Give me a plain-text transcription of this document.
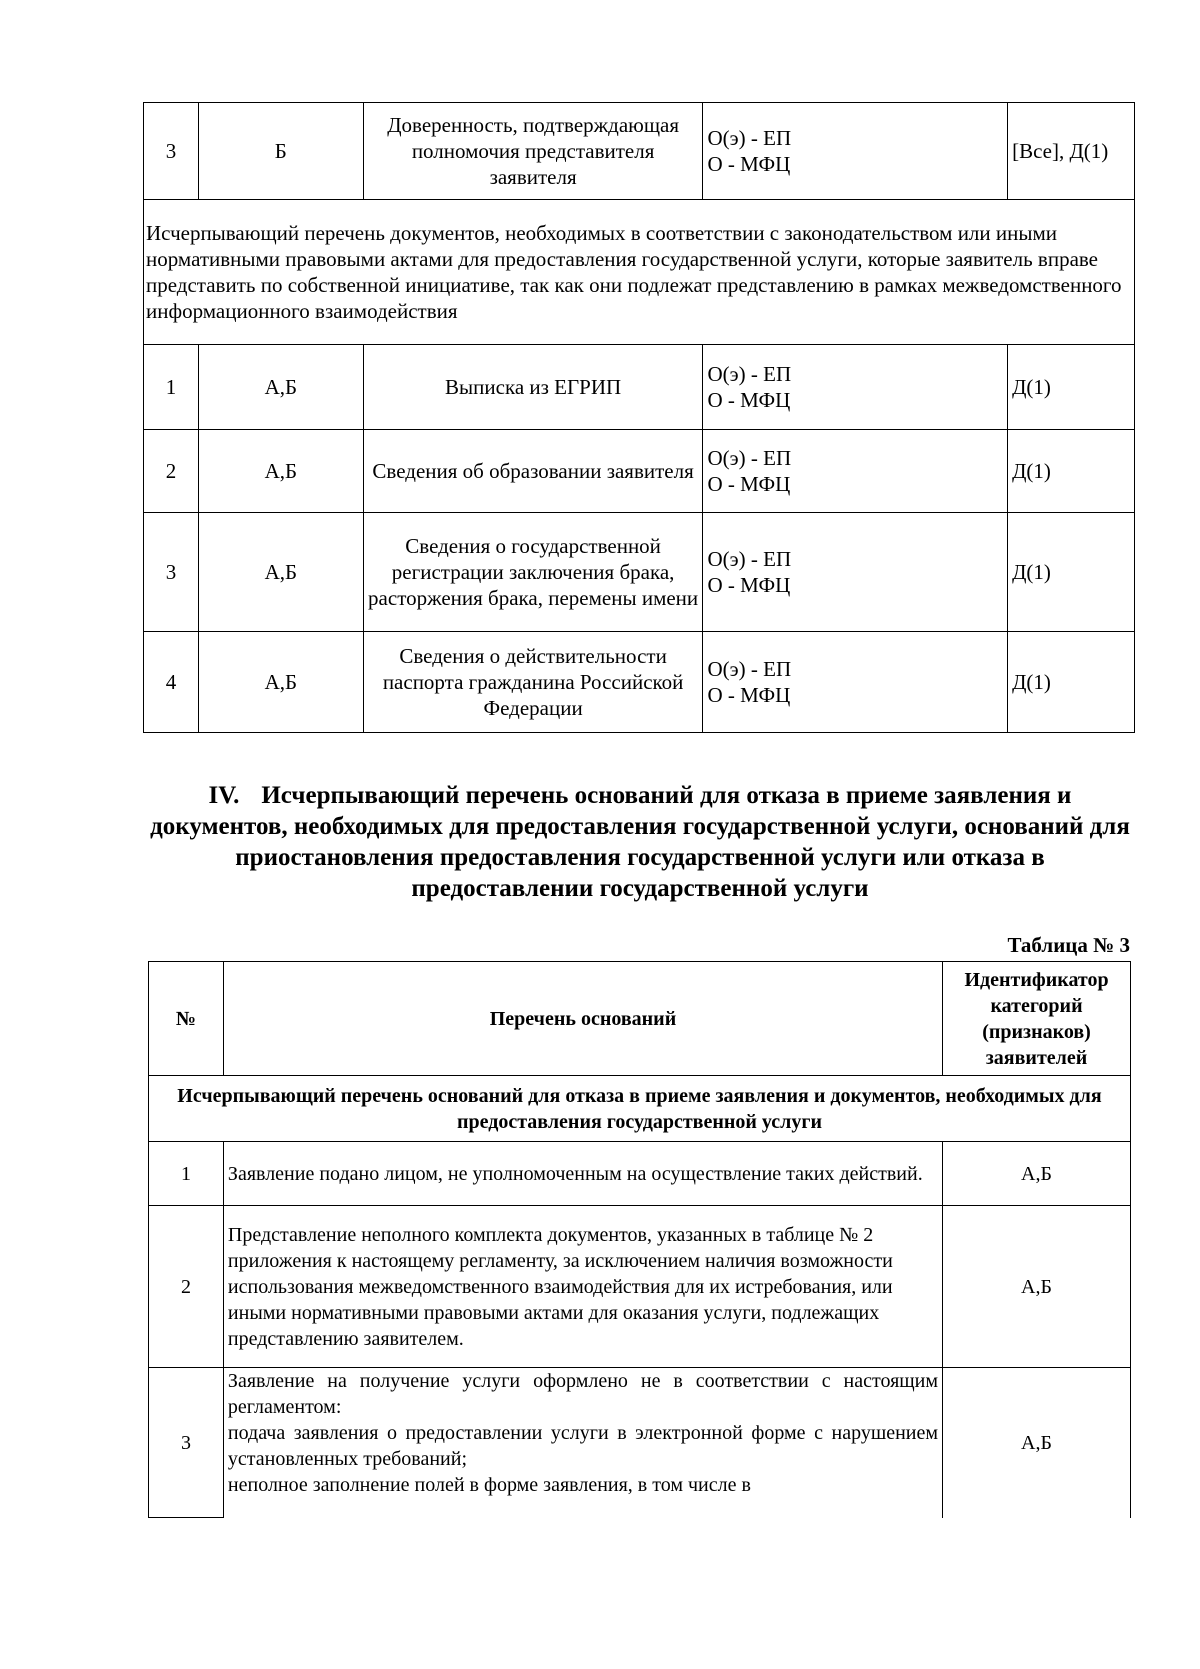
3	Б	Доверенность, подтверждающая полномочия представителя заявителя	О(э) - ЕП
О - МФЦ	[Все], Д(1)
Исчерпывающий перечень документов, необходимых в соответствии с законодательством или иными нормативными правовыми актами для предоставления государственной услуги, которые заявитель вправе представить по собственной инициативе, так как они подлежат представлению в рамках межведомственного информационного взаимодействия				
1	А,Б	Выписка из ЕГРИП	О(э) - ЕП
О - МФЦ	Д(1)
2	А,Б	Сведения об образовании заявителя	О(э) - ЕП
О - МФЦ	Д(1)
3	А,Б	Сведения о государственной регистрации заключения брака, расторжения брака, перемены имени	О(э) - ЕП
О - МФЦ	Д(1)
4	А,Б	Сведения о действительности паспорта гражданина Российской Федерации	О(э) - ЕП
О - МФЦ	Д(1)
IV. Исчерпывающий перечень оснований для отказа в приеме заявления и документов, необходимых для предоставления государственной услуги, оснований для приостановления предоставления государственной услуги или отказа в предоставлении государственной услуги
Таблица № 3
№	Перечень оснований	Идентификатор категорий (признаков) заявителей
Исчерпывающий перечень оснований для отказа в приеме заявления и документов, необходимых для предоставления государственной услуги		
1	Заявление подано лицом, не уполномоченным на осуществление таких действий.	А,Б
2	Представление неполного комплекта документов, указанных в таблице № 2 приложения к настоящему регламенту, за исключением наличия возможности использования межведомственного взаимодействия для их истребования, или иными нормативными правовыми актами для оказания услуги, подлежащих представлению заявителем.	А,Б
3	Заявление на получение услуги оформлено не в соответствии с настоящим регламентом:
подача заявления о предоставлении услуги в электронной форме с нарушением установленных требований;
неполное заполнение полей в форме заявления, в том числе в	А,Б
